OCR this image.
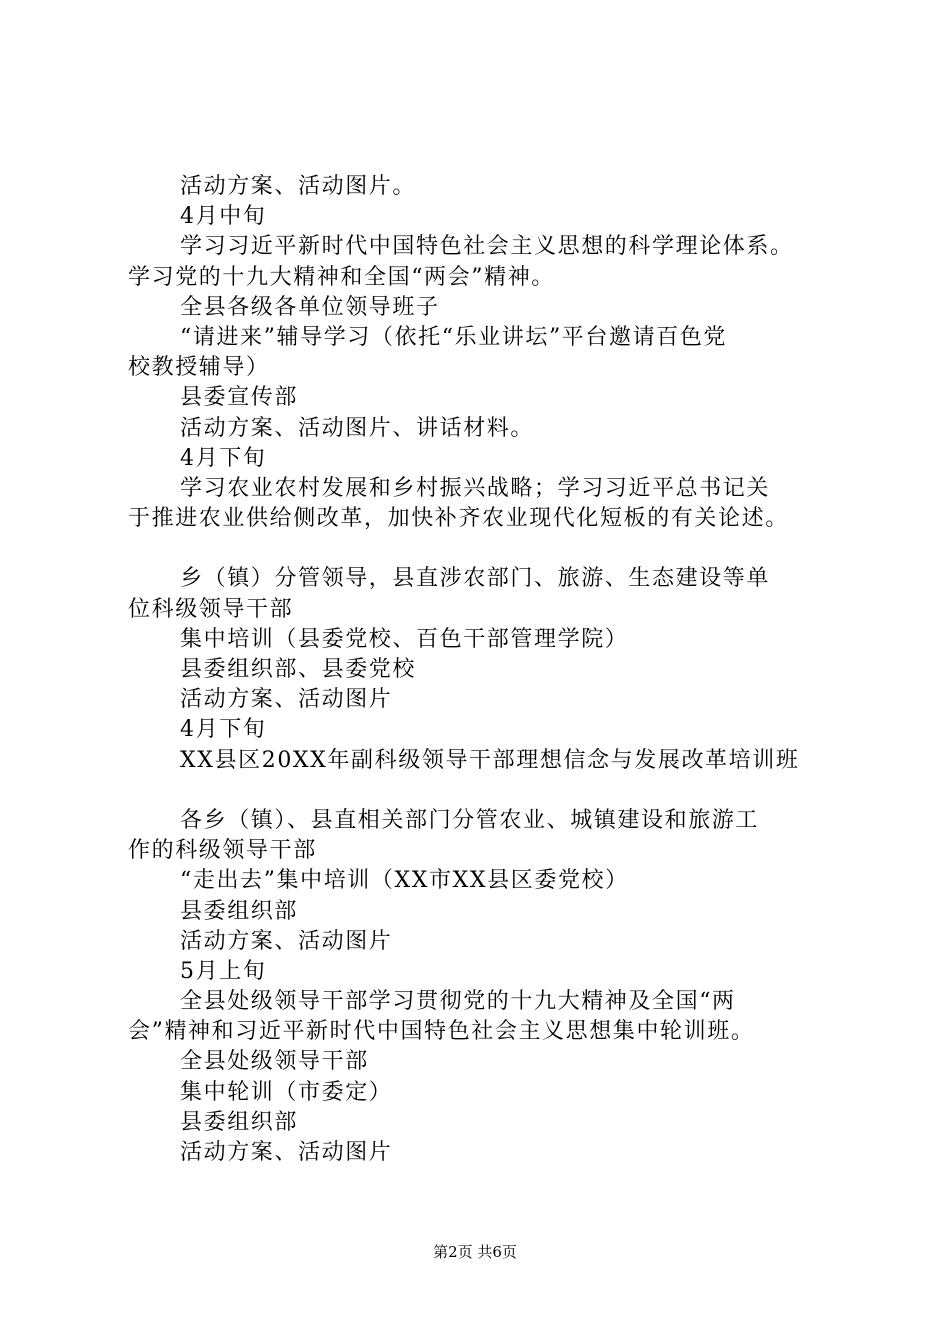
活动方案、活动图片。
4月中旬
学习习近平新时代中国特色社会主义思想的科学理论体系。
学习党的十九大精神和全国“两会”精神。
全县各级各单位领导班子
“请进来”辅导学习（依托“乐业讲坛”平台邀请百色党
校教授辅导）
县委宣传部
活动方案、活动图片、讲话材料。
4月下旬
学习农业农村发展和乡村振兴战略；学习习近平总书记关
于推进农业供给侧改革，加快补齐农业现代化短板的有关论述。
乡（镇）分管领导，县直涉农部门、旅游、生态建设等单
位科级领导干部
集中培训（县委党校、百色干部管理学院）
县委组织部、县委党校
活动方案、活动图片
4月下旬
XX县区20XX年副科级领导干部理想信念与发展改革培训班
各乡（镇）、县直相关部门分管农业、城镇建设和旅游工
作的科级领导干部
“走出去”集中培训（XX市XX县区委党校）
县委组织部
活动方案、活动图片
5月上旬
全县处级领导干部学习贯彻党的十九大精神及全国“两
会”精神和习近平新时代中国特色社会主义思想集中轮训班。
全县处级领导干部
集中轮训（市委定）
县委组织部
活动方案、活动图片
第2页 共6页
